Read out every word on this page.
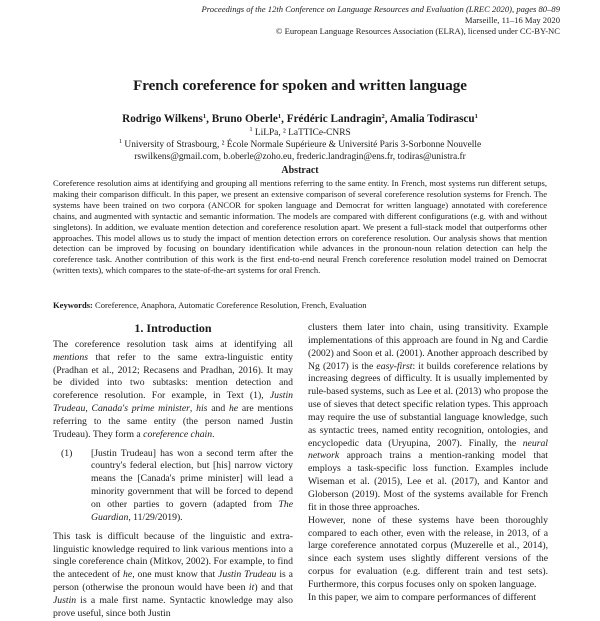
Proceedings of the 12th Conference on Language Resources and Evaluation (LREC 2020), pages 80–89
Marseille, 11–16 May 2020
© European Language Resources Association (ELRA), licensed under CC-BY-NC
French coreference for spoken and written language
Rodrigo Wilkens$^1$, Bruno Oberle$^1$, Frédéric Landragin$^2$, Amalia Todirascu$^1$
$^1$ LiLPa, ² LaTTICe-CNRS
$^1$ University of Strasbourg, ² École Normale Supérieure & Université Paris 3-Sorbonne Nouvelle
rswilkens@gmail.com, b.oberle@zoho.eu, frederic.landragin@ens.fr, todiras@unistra.fr
Abstract
Coreference resolution aims at identifying and grouping all mentions referring to the same entity. In French, most systems run different setups, making their comparison difficult. In this paper, we present an extensive comparison of several coreference resolution systems for French. The systems have been trained on two corpora (ANCOR for spoken language and Democrat for written language) annotated with coreference chains, and augmented with syntactic and semantic information. The models are compared with different configurations (e.g. with and without singletons). In addition, we evaluate mention detection and coreference resolution apart. We present a full-stack model that outperforms other approaches. This model allows us to study the impact of mention detection errors on coreference resolution. Our analysis shows that mention detection can be improved by focusing on boundary identification while advances in the pronoun-noun relation detection can help the coreference task. Another contribution of this work is the first end-to-end neural French coreference resolution model trained on Democrat (written texts), which compares to the state-of-the-art systems for oral French.
Keywords: Coreference, Anaphora, Automatic Coreference Resolution, French, Evaluation
1. Introduction

The coreference resolution task aims at identifying all mentions that refer to the same extra-linguistic entity (Pradhan et al., 2012; Recasens and Pradhan, 2016). It may be divided into two subtasks: mention detection and coreference resolution. For example, in Text (1), Justin Trudeau, Canada's prime minister, his and he are mentions referring to the same entity (the person named Justin Trudeau). They form a coreference chain.

(1)	[Justin Trudeau] has won a second term after the country's federal election, but [his] narrow victory means the [Canada's prime minister] will lead a minority government that will be forced to depend on other parties to govern (adapted from The Guardian, 11/29/2019).

This task is difficult because of the linguistic and extra-linguistic knowledge required to link various mentions into a single coreference chain (Mitkov, 2002). For example, to find the antecedent of he, one must know that Justin Trudeau is a person (otherwise the pronoun would have been it) and that Justin is a male first name. Syntactic knowledge may also prove useful, since both Justin

clusters them later into chain, using transitivity. Example implementations of this approach are found in Ng and Cardie (2002) and Soon et al. (2001). Another approach described by Ng (2017) is the easy-first: it builds coreference relations by increasing degrees of difficulty. It is usually implemented by rule-based systems, such as Lee et al. (2013) who propose the use of sieves that detect specific relation types. This approach may require the use of substantial language knowledge, such as syntactic trees, named entity recognition, ontologies, and encyclopedic data (Uryupina, 2007). Finally, the neural network approach trains a mention-ranking model that employs a task-specific loss function. Examples include Wiseman et al. (2015), Lee et al. (2017), and Kantor and Globerson (2019). Most of the systems available for French fit in those three approaches.

However, none of these systems have been thoroughly compared to each other, even with the release, in 2013, of a large coreference annotated corpus (Muzerelle et al., 2014), since each system uses slightly different versions of the corpus for evaluation (e.g. different train and test sets). Furthermore, this corpus focuses only on spoken language.

In this paper, we aim to compare performances of different
